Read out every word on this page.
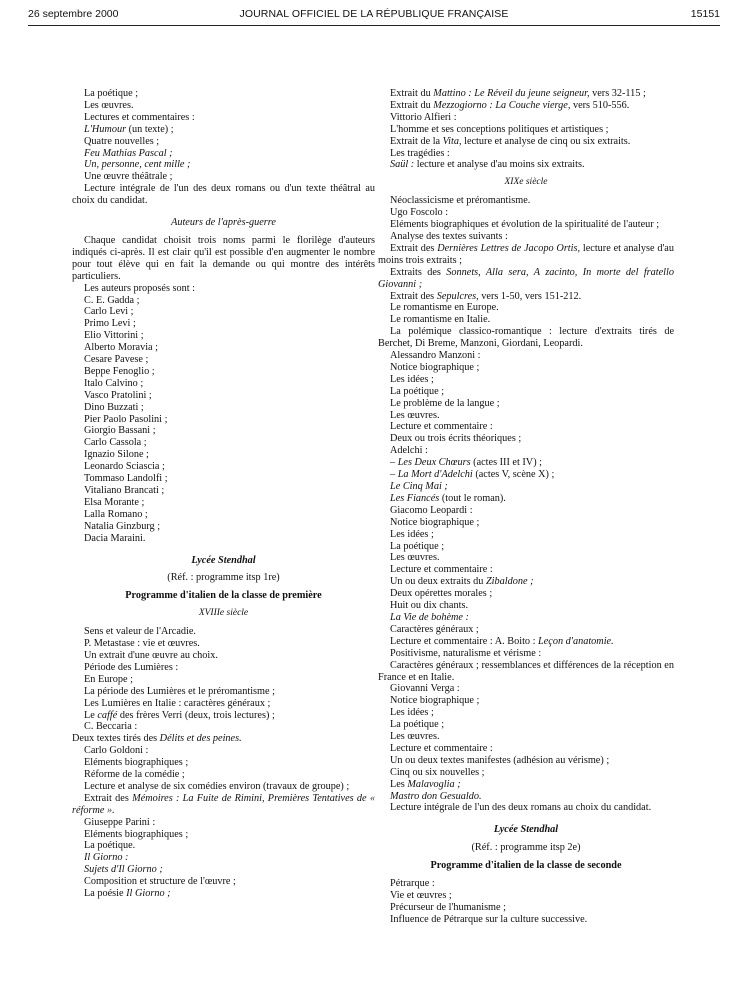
26 septembre 2000	JOURNAL OFFICIEL DE LA RÉPUBLIQUE FRANÇAISE	15151

La poétique ;

Les œuvres.

Lectures et commentaires :

L'Humour (un texte) ;

Quatre nouvelles ;

Feu Mathias Pascal ;

Un, personne, cent mille ;

Une œuvre théâtrale ;

Lecture intégrale de l'un des deux romans ou d'un texte théâtral au choix du candidat.

Auteurs de l'après-guerre

Chaque candidat choisit trois noms parmi le florilège d'auteurs indiqués ci-après. Il est clair qu'il est possible d'en augmenter le nombre pour tout élève qui en fait la demande ou qui montre des intérêts particuliers.

Les auteurs proposés sont :

C. E. Gadda ;

Carlo Levi ;

Primo Levi ;

Elio Vittorini ;

Alberto Moravia ;

Cesare Pavese ;

Beppe Fenoglio ;

Italo Calvino ;

Vasco Pratolini ;

Dino Buzzati ;

Pier Paolo Pasolini ;

Giorgio Bassani ;

Carlo Cassola ;

Ignazio Silone ;

Leonardo Sciascia ;

Tommaso Landolfi ;

Vitaliano Brancati ;

Elsa Morante ;

Lalla Romano ;

Natalia Ginzburg ;

Dacia Maraini.

Lycée Stendhal

(Réf. : programme itsp 1re)

Programme d'italien de la classe de première

XVIIIe siècle

Sens et valeur de l'Arcadie.

P. Metastase : vie et œuvres.

Un extrait d'une œuvre au choix.

Période des Lumières :

En Europe ;

La période des Lumières et le préromantisme ;

Les Lumières en Italie : caractères généraux ;

Le caffé des frères Verri (deux, trois lectures) ;

C. Beccaria :

Deux textes tirés des Délits et des peines.

Carlo Goldoni :

Eléments biographiques ;

Réforme de la comédie ;

Lecture et analyse de six comédies environ (travaux de groupe) ;

Extrait des Mémoires : La Fuite de Rimini, Premières Tentatives de « réforme ».

Giuseppe Parini :

Eléments biographiques ;

La poétique.

Il Giorno :

Sujets d'Il Giorno ;

Composition et structure de l'œuvre ;

La poésie Il Giorno ;

Extrait du Mattino : Le Réveil du jeune seigneur, vers 32-115 ;

Extrait du Mezzogiorno : La Couche vierge, vers 510-556.

Vittorio Alfieri :

L'homme et ses conceptions politiques et artistiques ;

Extrait de la Vita, lecture et analyse de cinq ou six extraits.

Les tragédies :

Saül : lecture et analyse d'au moins six extraits.

XIXe siècle

Néoclassicisme et préromantisme.

Ugo Foscolo :

Eléments biographiques et évolution de la spiritualité de l'auteur ;

Analyse des textes suivants :

Extrait des Dernières Lettres de Jacopo Ortis, lecture et analyse d'au moins trois extraits ;

Extraits des Sonnets, Alla sera, A zacinto, In morte del fratello Giovanni ;

Extrait des Sepulcres, vers 1-50, vers 151-212.

Le romantisme en Europe.

Le romantisme en Italie.

La polémique classico-romantique : lecture d'extraits tirés de Berchet, Di Breme, Manzoni, Giordani, Leopardi.

Alessandro Manzoni :

Notice biographique ;

Les idées ;

La poétique ;

Le problème de la langue ;

Les œuvres.

Lecture et commentaire :

Deux ou trois écrits théoriques ;

Adelchi :

– Les Deux Chœurs (actes III et IV) ;

– La Mort d'Adelchi (actes V, scène X) ;

Le Cinq Mai ;

Les Fiancés (tout le roman).

Giacomo Leopardi :

Notice biographique ;

Les idées ;

La poétique ;

Les œuvres.

Lecture et commentaire :

Un ou deux extraits du Zibaldone ;

Deux opérettes morales ;

Huit ou dix chants.

La Vie de bohème :

Caractères généraux ;

Lecture et commentaire : A. Boito : Leçon d'anatomie.

Positivisme, naturalisme et vérisme :

Caractères généraux ; ressemblances et différences de la réception en France et en Italie.

Giovanni Verga :

Notice biographique ;

Les idées ;

La poétique ;

Les œuvres.

Lecture et commentaire :

Un ou deux textes manifestes (adhésion au vérisme) ;

Cinq ou six nouvelles ;

Les Malavoglia ;

Mastro don Gesualdo.

Lecture intégrale de l'un des deux romans au choix du candidat.

Lycée Stendhal

(Réf. : programme itsp 2e)

Programme d'italien de la classe de seconde

Pétrarque :

Vie et œuvres ;

Précurseur de l'humanisme ;

Influence de Pétrarque sur la culture successive.
